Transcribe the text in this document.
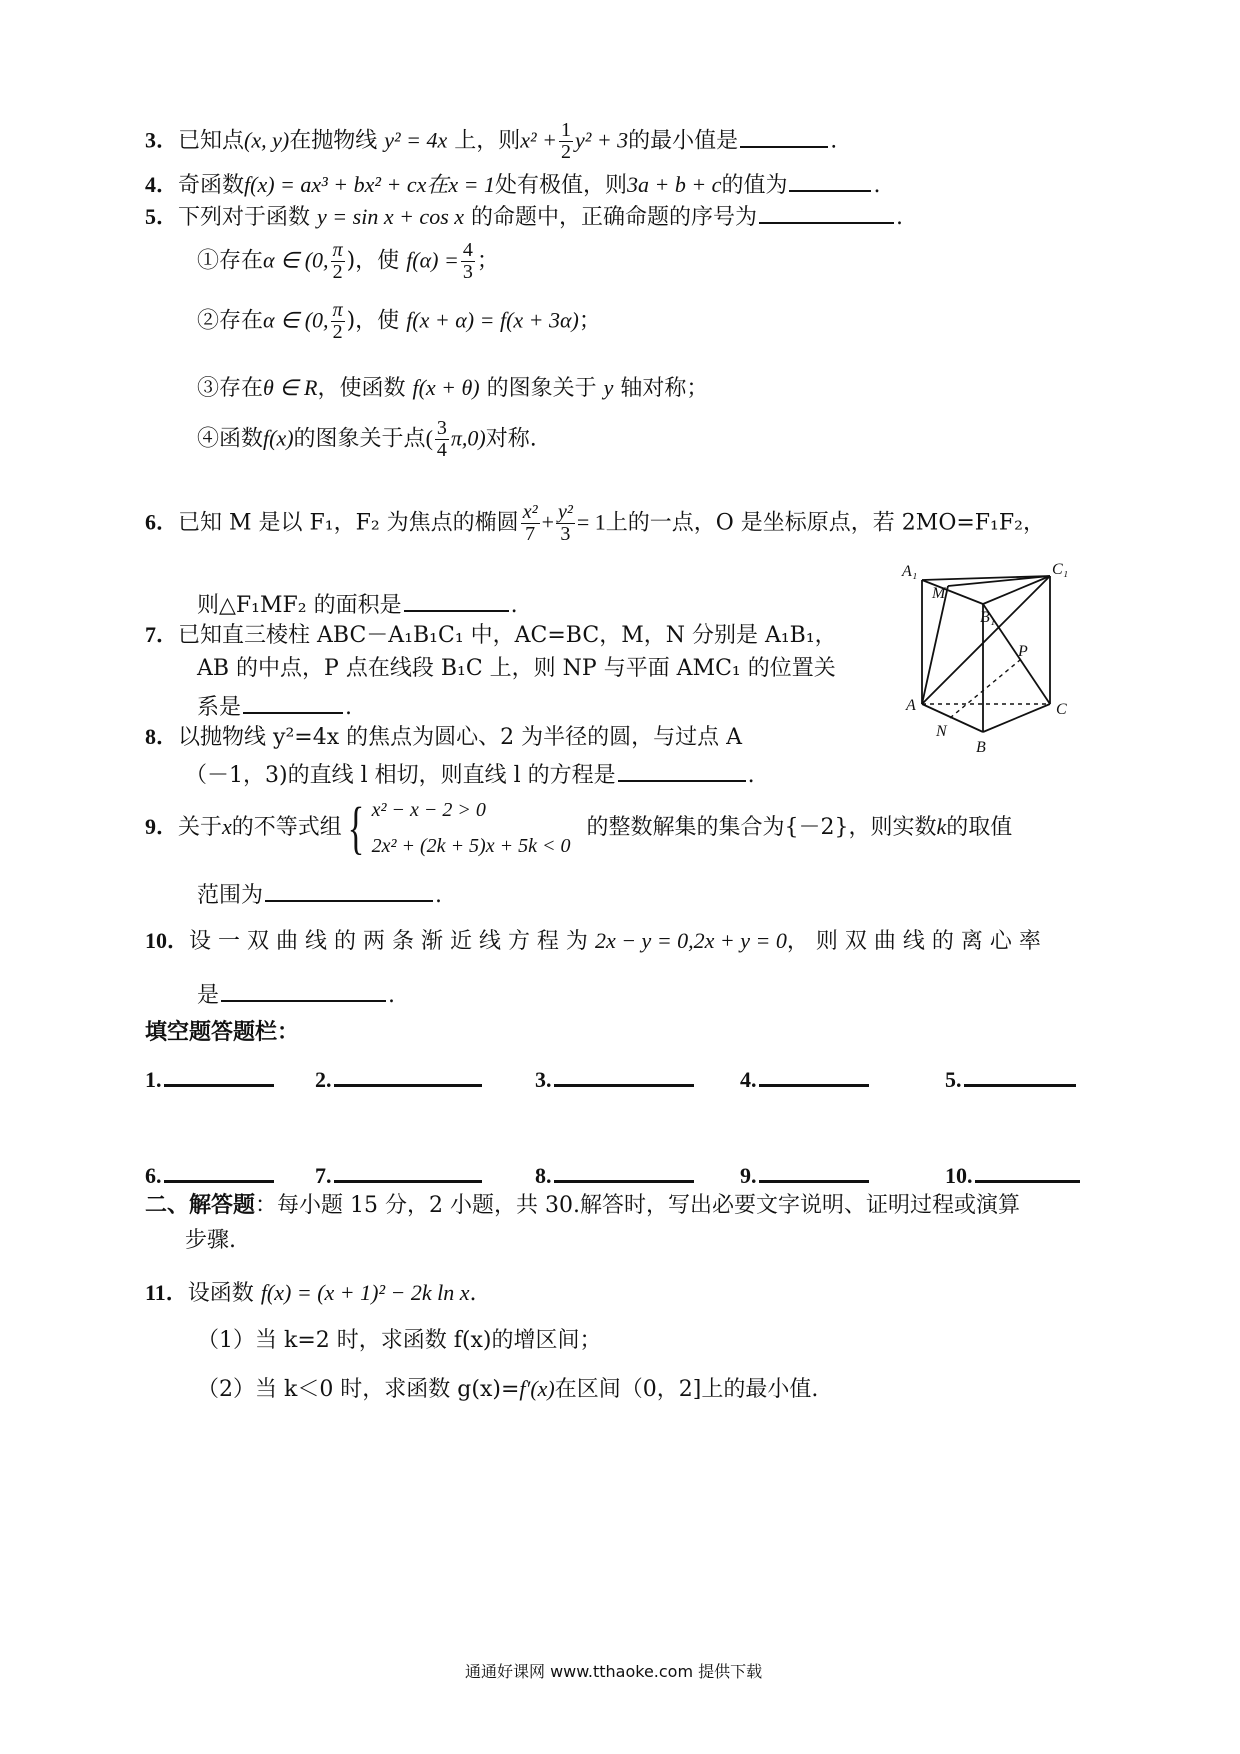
3．已知点(x, y)在抛物线 y² = 4x 上，则$x^2 + \frac{1}{2} y^2 + 3$的最小值是	.
4．奇函数f(x) = ax³ + bx² + cx在x = 1处有极值，则3a + b + c的值为	.
5．下列对于函数 y = sin x + cos x 的命题中，正确命题的序号为	.
①存在α ∈ (0, $\frac{\pi}{2}$ )，使 $f(\alpha) = \frac{4}{3}$ ；
②存在α ∈ (0, $\frac{\pi}{2}$ )，使 f(x + α) = f(x + 3α)；
③存在θ ∈ R，使函数 f(x + θ) 的图象关于 y 轴对称；
④函数f(x)的图象关于点( $\frac{3}{4} \pi,0$)对称.
6．已知 M 是以 F₁，F₂ 为焦点的椭圆 $\frac{\text{x²}}{7} + \frac{\text{y²}}{3} = 1$上的一点，O 是坐标原点，若 2MO=F₁F₂，
则△F₁MF₂ 的面积是	.
7．已知直三棱柱 ABC－A₁B₁C₁ 中，AC=BC，M，N 分别是 A₁B₁，
AB 的中点，P 点在线段 B₁C 上，则 NP 与平面 AMC₁ 的位置关
系是	.
8．以抛物线 y²=4x 的焦点为圆心、2 为半径的圆，与过点 A
（－1，3)的直线 l 相切，则直线 l 的方程是	.
A₁	C₁
M
B₁
P
A	C
N
B
9．关于x的不等式组{ x² − x − 2 > 0
2x² + (2k + 5)x + 5k < 0
的整数解集的集合为{－2}，则实数k的取值
范围为	.
10．设 一 双 曲 线 的 两 条 渐 近 线 方 程 为 2x − y = 0,2x + y = 0， 则 双 曲 线 的 离 心 率
是	.
填空题答题栏：
1.	2.	3.	4.	5.
6.	7.	8.	9.	10.
二、解答题：每小题 15 分，2 小题，共 30.解答时，写出必要文字说明、证明过程或演算
步骤.
11．设函数 f(x) = (x + 1)² − 2k ln x.
（1）当 k=2 时，求函数 f(x)的增区间；
（2）当 k＜0 时，求函数 g(x)=f′(x)在区间（0，2]上的最小值.
通通好课网 www.tthaoke.com 提供下载
